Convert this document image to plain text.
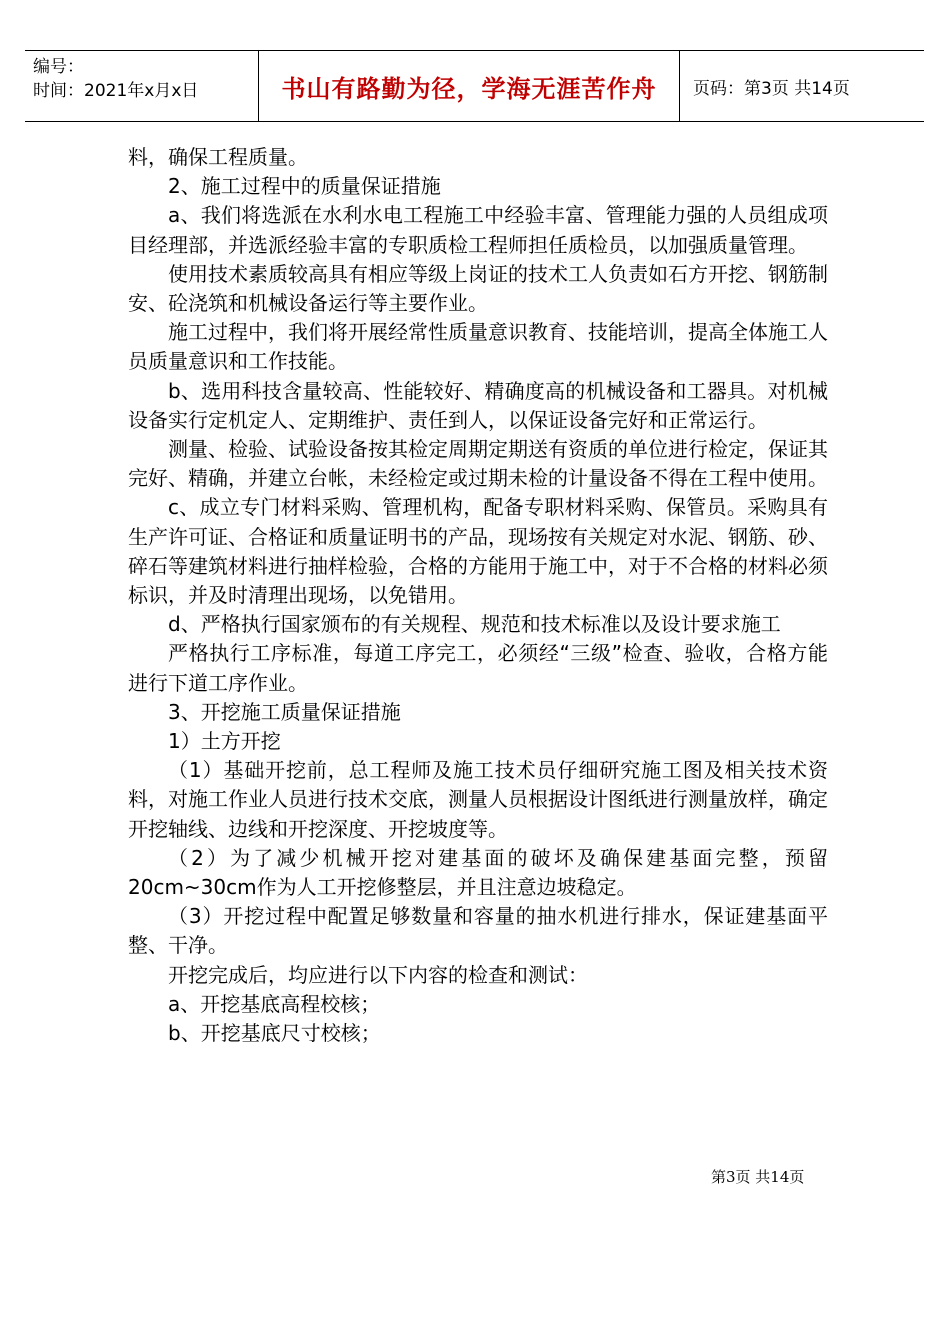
编号：
时间：2021年x月x日	书山有路勤为径，学海无涯苦作舟	页码：第3页 共14页

料，确保工程质量。

2、施工过程中的质量保证措施

a、我们将选派在水利水电工程施工中经验丰富、管理能力强的人员组成项目经理部，并选派经验丰富的专职质检工程师担任质检员，以加强质量管理。

使用技术素质较高具有相应等级上岗证的技术工人负责如石方开挖、钢筋制安、砼浇筑和机械设备运行等主要作业。

施工过程中，我们将开展经常性质量意识教育、技能培训，提高全体施工人员质量意识和工作技能。

b、选用科技含量较高、性能较好、精确度高的机械设备和工器具。对机械设备实行定机定人、定期维护、责任到人，以保证设备完好和正常运行。

测量、检验、试验设备按其检定周期定期送有资质的单位进行检定，保证其完好、精确，并建立台帐，未经检定或过期未检的计量设备不得在工程中使用。

c、成立专门材料采购、管理机构，配备专职材料采购、保管员。采购具有生产许可证、合格证和质量证明书的产品，现场按有关规定对水泥、钢筋、砂、碎石等建筑材料进行抽样检验，合格的方能用于施工中，对于不合格的材料必须标识，并及时清理出现场，以免错用。

d、严格执行国家颁布的有关规程、规范和技术标准以及设计要求施工

严格执行工序标准，每道工序完工，必须经“三级”检查、验收，合格方能进行下道工序作业。

3、开挖施工质量保证措施

1）土方开挖

（1）基础开挖前，总工程师及施工技术员仔细研究施工图及相关技术资料，对施工作业人员进行技术交底，测量人员根据设计图纸进行测量放样，确定开挖轴线、边线和开挖深度、开挖坡度等。

（2）为了减少机械开挖对建基面的破坏及确保建基面完整，预留20cm~30cm作为人工开挖修整层，并且注意边坡稳定。

（3）开挖过程中配置足够数量和容量的抽水机进行排水，保证建基面平整、干净。

开挖完成后，均应进行以下内容的检查和测试：

a、开挖基底高程校核；

b、开挖基底尺寸校核；

第3页 共14页
